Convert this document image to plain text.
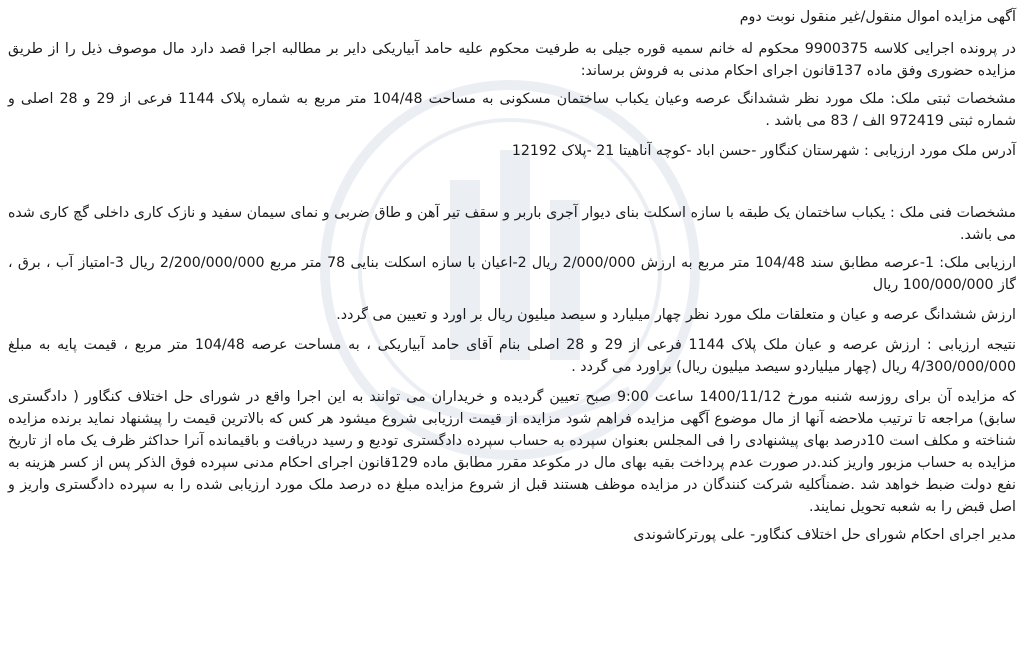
آگهی مزایده اموال منقول/غیر منقول نوبت دوم

در پرونده اجرایی کلاسه 9900375 محکوم له خانم سمیه قوره جیلی به طرفیت محکوم علیه حامد آبیاریکی دایر بر مطالبه اجرا قصد دارد مال موصوف ذیل را از طریق مزایده حضوری وفق ماده 137قانون اجرای احکام مدنی به فروش برساند:

مشخصات ثبتی ملک: ملک مورد نظر ششدانگ عرصه وعیان یکباب ساختمان مسکونی به مساحت 104/48 متر مربع به شماره پلاک 1144 فرعی از 29 و 28 اصلی و شماره ثبتی 972419 الف / 83 می باشد .

آدرس ملک مورد ارزیابی : شهرستان کنگاور -حسن اباد -کوچه آناهیتا 21 -پلاک 12192

مشخصات فنی ملک : یکباب ساختمان یک طبقه با سازه اسکلت بنای دیوار آجری باربر و سقف تیر آهن و طاق ضربی و نمای سیمان سفید و نازک کاری داخلی گچ کاری شده می باشد.

ارزیابی ملک: 1-عرصه مطابق سند 104/48 متر مربع به ارزش 2/000/000 ریال 2-اعیان با سازه اسکلت بنایی 78 متر مربع 2/200/000/000 ریال 3-امتیاز آب ، برق ، گاز 100/000/000 ریال

ارزش ششدانگ عرصه و عیان و متعلقات ملک مورد نظر چهار میلیارد و سیصد میلیون ریال بر اورد و تعیین می گردد.

نتیجه ارزیابی : ارزش عرصه و عیان ملک پلاک 1144 فرعی از 29 و 28 اصلی بنام آقای حامد آبیاریکی ، به مساحت عرصه 104/48 متر مربع ، قیمت پایه به مبلغ 4/300/000/000 ریال (چهار میلیاردو سیصد میلیون ریال) براورد می گردد .

که مزایده آن برای روزسه شنبه مورخ 1400/11/12 ساعت 9:00 صبح تعیین گردیده و خریداران می توانند به این اجرا واقع در شورای حل اختلاف کنگاور ( دادگستری سابق) مراجعه تا ترتیب ملاحضه آنها از مال موضوع آگهی مزایده فراهم شود مزایده از قیمت ارزیابی شروع میشود هر کس که بالاترین قیمت را پیشنهاد نماید برنده مزایده شناخته و مکلف است 10درصد بهای پیشنهادی را فی المجلس بعنوان سپرده به حساب سپرده دادگستری تودیع و رسید دریافت و باقیمانده آنرا حداکثر ظرف یک ماه از تاریخ مزایده به حساب مزبور واریز کند.در صورت عدم پرداخت بقیه بهای مال در مکوعد مقرر مطابق ماده 129قانون اجرای احکام مدنی سپرده فوق الذکر پس از کسر هزینه به نفع دولت ضبط خواهد شد .ضمناًکلیه شرکت کنندگان در مزایده موظف هستند قبل از شروع مزایده مبلغ ده درصد ملک مورد ارزیابی شده را به سپرده دادگستری واریز و اصل قبض را به شعبه تحویل نمایند.

مدیر اجرای احکام شورای حل اختلاف کنگاور- علی پورترکاشوندی
